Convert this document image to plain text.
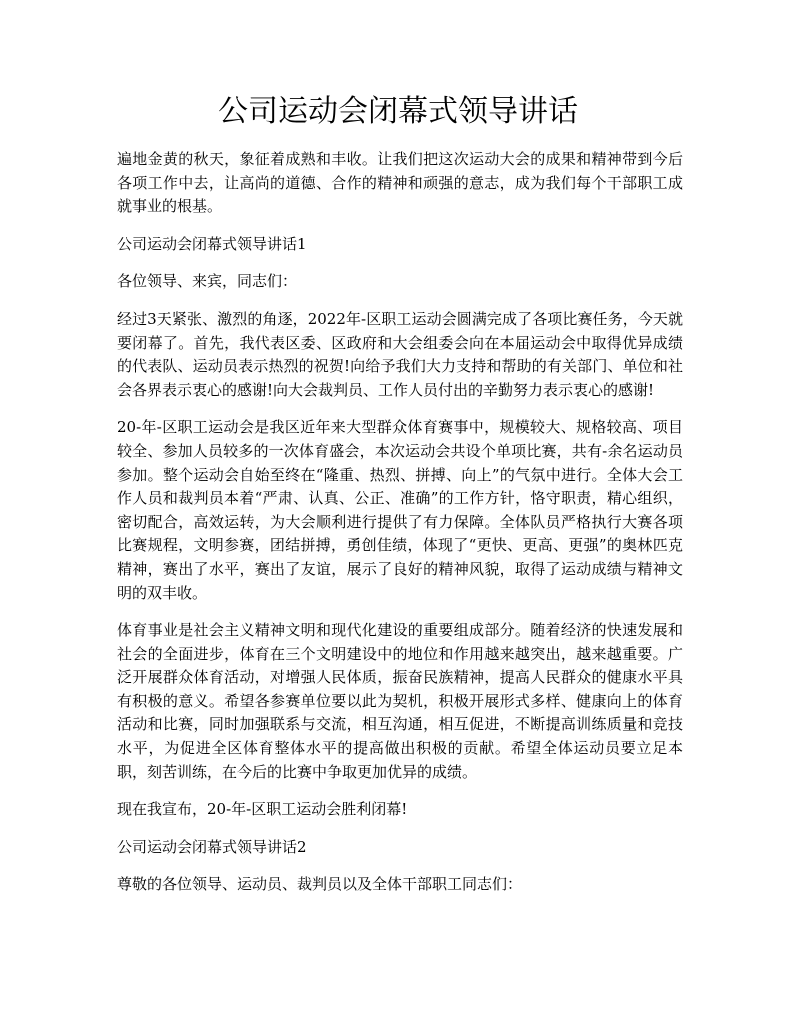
公司运动会闭幕式领导讲话

遍地金黄的秋天，象征着成熟和丰收。让我们把这次运动大会的成果和精神带到今后各项工作中去，让高尚的道德、合作的精神和顽强的意志，成为我们每个干部职工成就事业的根基。

公司运动会闭幕式领导讲话1

各位领导、来宾，同志们：

经过3天紧张、激烈的角逐，2022年-区职工运动会圆满完成了各项比赛任务，今天就要闭幕了。首先，我代表区委、区政府和大会组委会向在本届运动会中取得优异成绩的代表队、运动员表示热烈的祝贺!向给予我们大力支持和帮助的有关部门、单位和社会各界表示衷心的感谢!向大会裁判员、工作人员付出的辛勤努力表示衷心的感谢!

20-年-区职工运动会是我区近年来大型群众体育赛事中，规模较大、规格较高、项目较全、参加人员较多的一次体育盛会，本次运动会共设个单项比赛，共有-余名运动员参加。整个运动会自始至终在“隆重、热烈、拼搏、向上”的气氛中进行。全体大会工作人员和裁判员本着“严肃、认真、公正、准确”的工作方针，恪守职责，精心组织，密切配合，高效运转，为大会顺利进行提供了有力保障。全体队员严格执行大赛各项比赛规程，文明参赛，团结拼搏，勇创佳绩，体现了“更快、更高、更强”的奥林匹克精神，赛出了水平，赛出了友谊，展示了良好的精神风貌，取得了运动成绩与精神文明的双丰收。

体育事业是社会主义精神文明和现代化建设的重要组成部分。随着经济的快速发展和社会的全面进步，体育在三个文明建设中的地位和作用越来越突出，越来越重要。广泛开展群众体育活动，对增强人民体质，振奋民族精神，提高人民群众的健康水平具有积极的意义。希望各参赛单位要以此为契机，积极开展形式多样、健康向上的体育活动和比赛，同时加强联系与交流，相互沟通，相互促进，不断提高训练质量和竞技水平，为促进全区体育整体水平的提高做出积极的贡献。希望全体运动员要立足本职，刻苦训练，在今后的比赛中争取更加优异的成绩。

现在我宣布，20-年-区职工运动会胜利闭幕!

公司运动会闭幕式领导讲话2

尊敬的各位领导、运动员、裁判员以及全体干部职工同志们：
